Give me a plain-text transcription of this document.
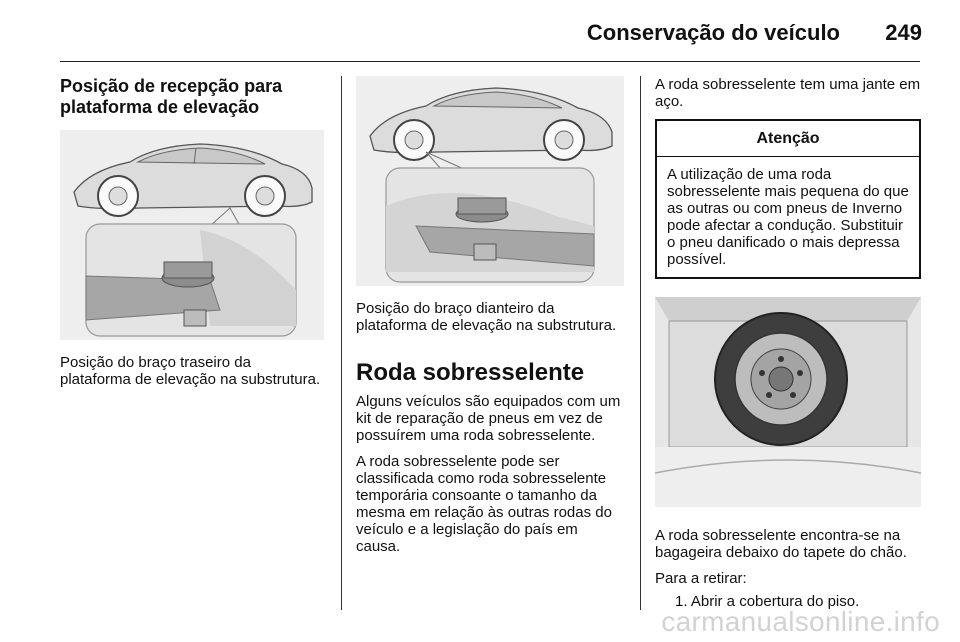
Conservação do veículo 249
Posição de recepção para plataforma de elevação

Posição do braço traseiro da plataforma de elevação na substrutura.

Posição do braço dianteiro da plataforma de elevação na substrutura.

Roda sobresselente

Alguns veículos são equipados com um kit de reparação de pneus em vez de possuírem uma roda sobresselente.

A roda sobresselente pode ser classificada como roda sobresselente temporária consoante o tamanho da mesma em relação às outras rodas do veículo e a legislação do país em causa.

A roda sobresselente tem uma jante em aço.

Atenção
A utilização de uma roda sobresselente mais pequena do que as outras ou com pneus de Inverno pode afectar a condução. Substituir o pneu danificado o mais depressa possível.

A roda sobresselente encontra-se na bagageira debaixo do tapete do chão.

Para a retirar:

1. Abrir a cobertura do piso.

carmanualsonline.info
